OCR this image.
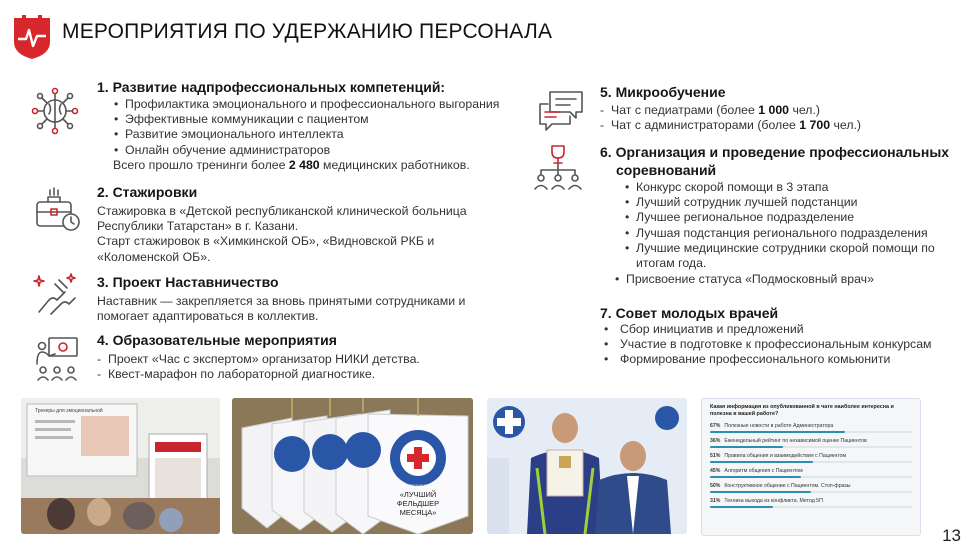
МЕРОПРИЯТИЯ ПО УДЕРЖАНИЮ ПЕРСОНАЛА
1. Развитие надпрофессиональных компетенций:
• Профилактика эмоционального и профессионального выгорания
• Эффективные коммуникации с пациентом
• Развитие эмоционального интеллекта
• Онлайн обучение администраторов
Всего прошло тренинги более 2 480 медицинских работников.
2. Стажировки
Стажировка в «Детской республиканской клинической больница
Республики Татарстан» в г. Казани.
Старт стажировок в «Химкинской ОБ», «Видновской РКБ и
«Коломенской ОБ».
3. Проект Наставничество
Наставник — закрепляется за вновь принятыми сотрудниками и
помогает адаптироваться в коллектив.
4. Образовательные мероприятия
- Проект «Час с экспертом» организатор НИКИ детства.
- Квест-марафон по лабораторной диагностике.
5. Микрообучение
- Чат с педиатрами (более 1 000 чел.)
- Чат с администраторами (более 1 700 чел.)
6. Организация и проведение профессиональных
соревнований
• Конкурс скорой помощи в 3 этапа
• Лучший сотрудник лучшей подстанции
• Лучшее региональное подразделение
• Лучшая подстанция регионального подразделения
• Лучшие медицинские сотрудники скорой помощи по
итогам года.
• Присвоение статуса «Подмосковный врач»
7. Совет молодых врачей
• Сбор инициатив и предложений
• Участие в подготовке к профессиональным конкурсам
• Формирование профессионального комьюнити
Трекеры для эмоциональной
«ЛУЧШИЙ ФЕЛЬДШЕР МЕСЯЦА»
СКОРАЯ ПОМОЩЬ
МОСКОВСКАЯ ОБЛАСТЬ
Какая информация из опубликованной в чате наиболее интересна и полезна в вашей работе?
67% Полезные новости в работе Администратора
36% Еженедельный рейтинг по независимой оценке Пациентов
51% Правила общения и взаимодействия с Пациентом
45% Алгоритм общения с Пациентом
50% Конструктивное общение с Пациентом. Стоп-фразы
31% Техника выхода из конфликта. Метод 5П
13
